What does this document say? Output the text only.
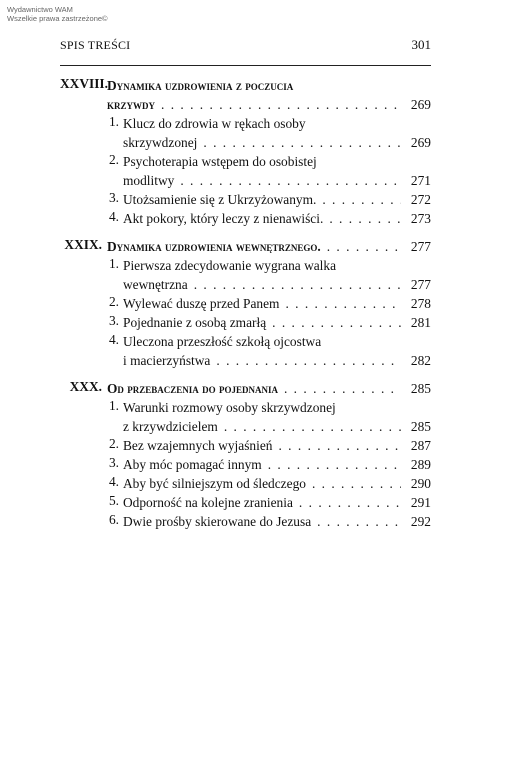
Wydawnictwo WAM
Wszelkie prawa zastrzeżone©
SPIS TREŚCI	301
XXVIII. Dynamika uzdrowienia z poczucia
krzywdy . . .	269
1. Klucz do zdrowia w rękach osoby
skrzywdzonej . . .	269
2. Psychoterapia wstępem do osobistej
modlitwy . . .	271
3. Utożsamienie się z Ukrzyżowanym. . . .	272
4. Akt pokory, który leczy z nienawiści. . . .	273
XXIX. Dynamika uzdrowienia wewnętrznego. . . .	277
1. Pierwsza zdecydowanie wygrana walka
wewnętrzna . . .	277
2. Wylewać duszę przed Panem . . .	278
3. Pojednanie z osobą zmarłą . . .	281
4. Uleczona przeszłość szkołą ojcostwa
i macierzyństwa . . .	282
XXX. Od przebaczenia do pojednania . . .	285
1. Warunki rozmowy osoby skrzywdzonej
z krzywdzicielem . . .	285
2. Bez wzajemnych wyjaśnień . . .	287
3. Aby móc pomagać innym . . .	289
4. Aby być silniejszym od śledczego . . .	290
5. Odporność na kolejne zranienia . . .	291
6. Dwie prośby skierowane do Jezusa . . .	292
